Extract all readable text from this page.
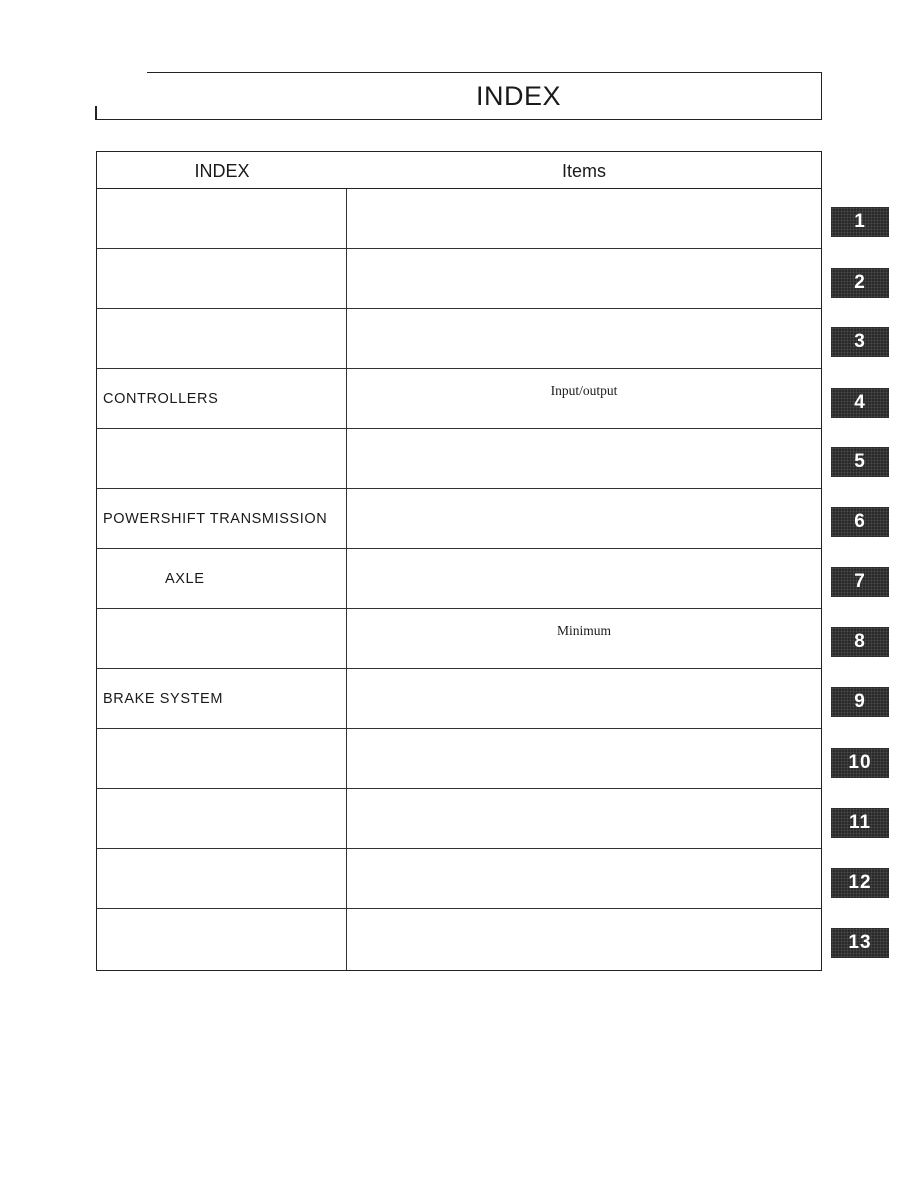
INDEX
INDEX	Items
CONTROLLERS	Input/output
POWERSHIFT TRANSMISSION
AXLE
Minimum
BRAKE SYSTEM
1
2
3
4
5
6
7
8
9
10
11
12
13
